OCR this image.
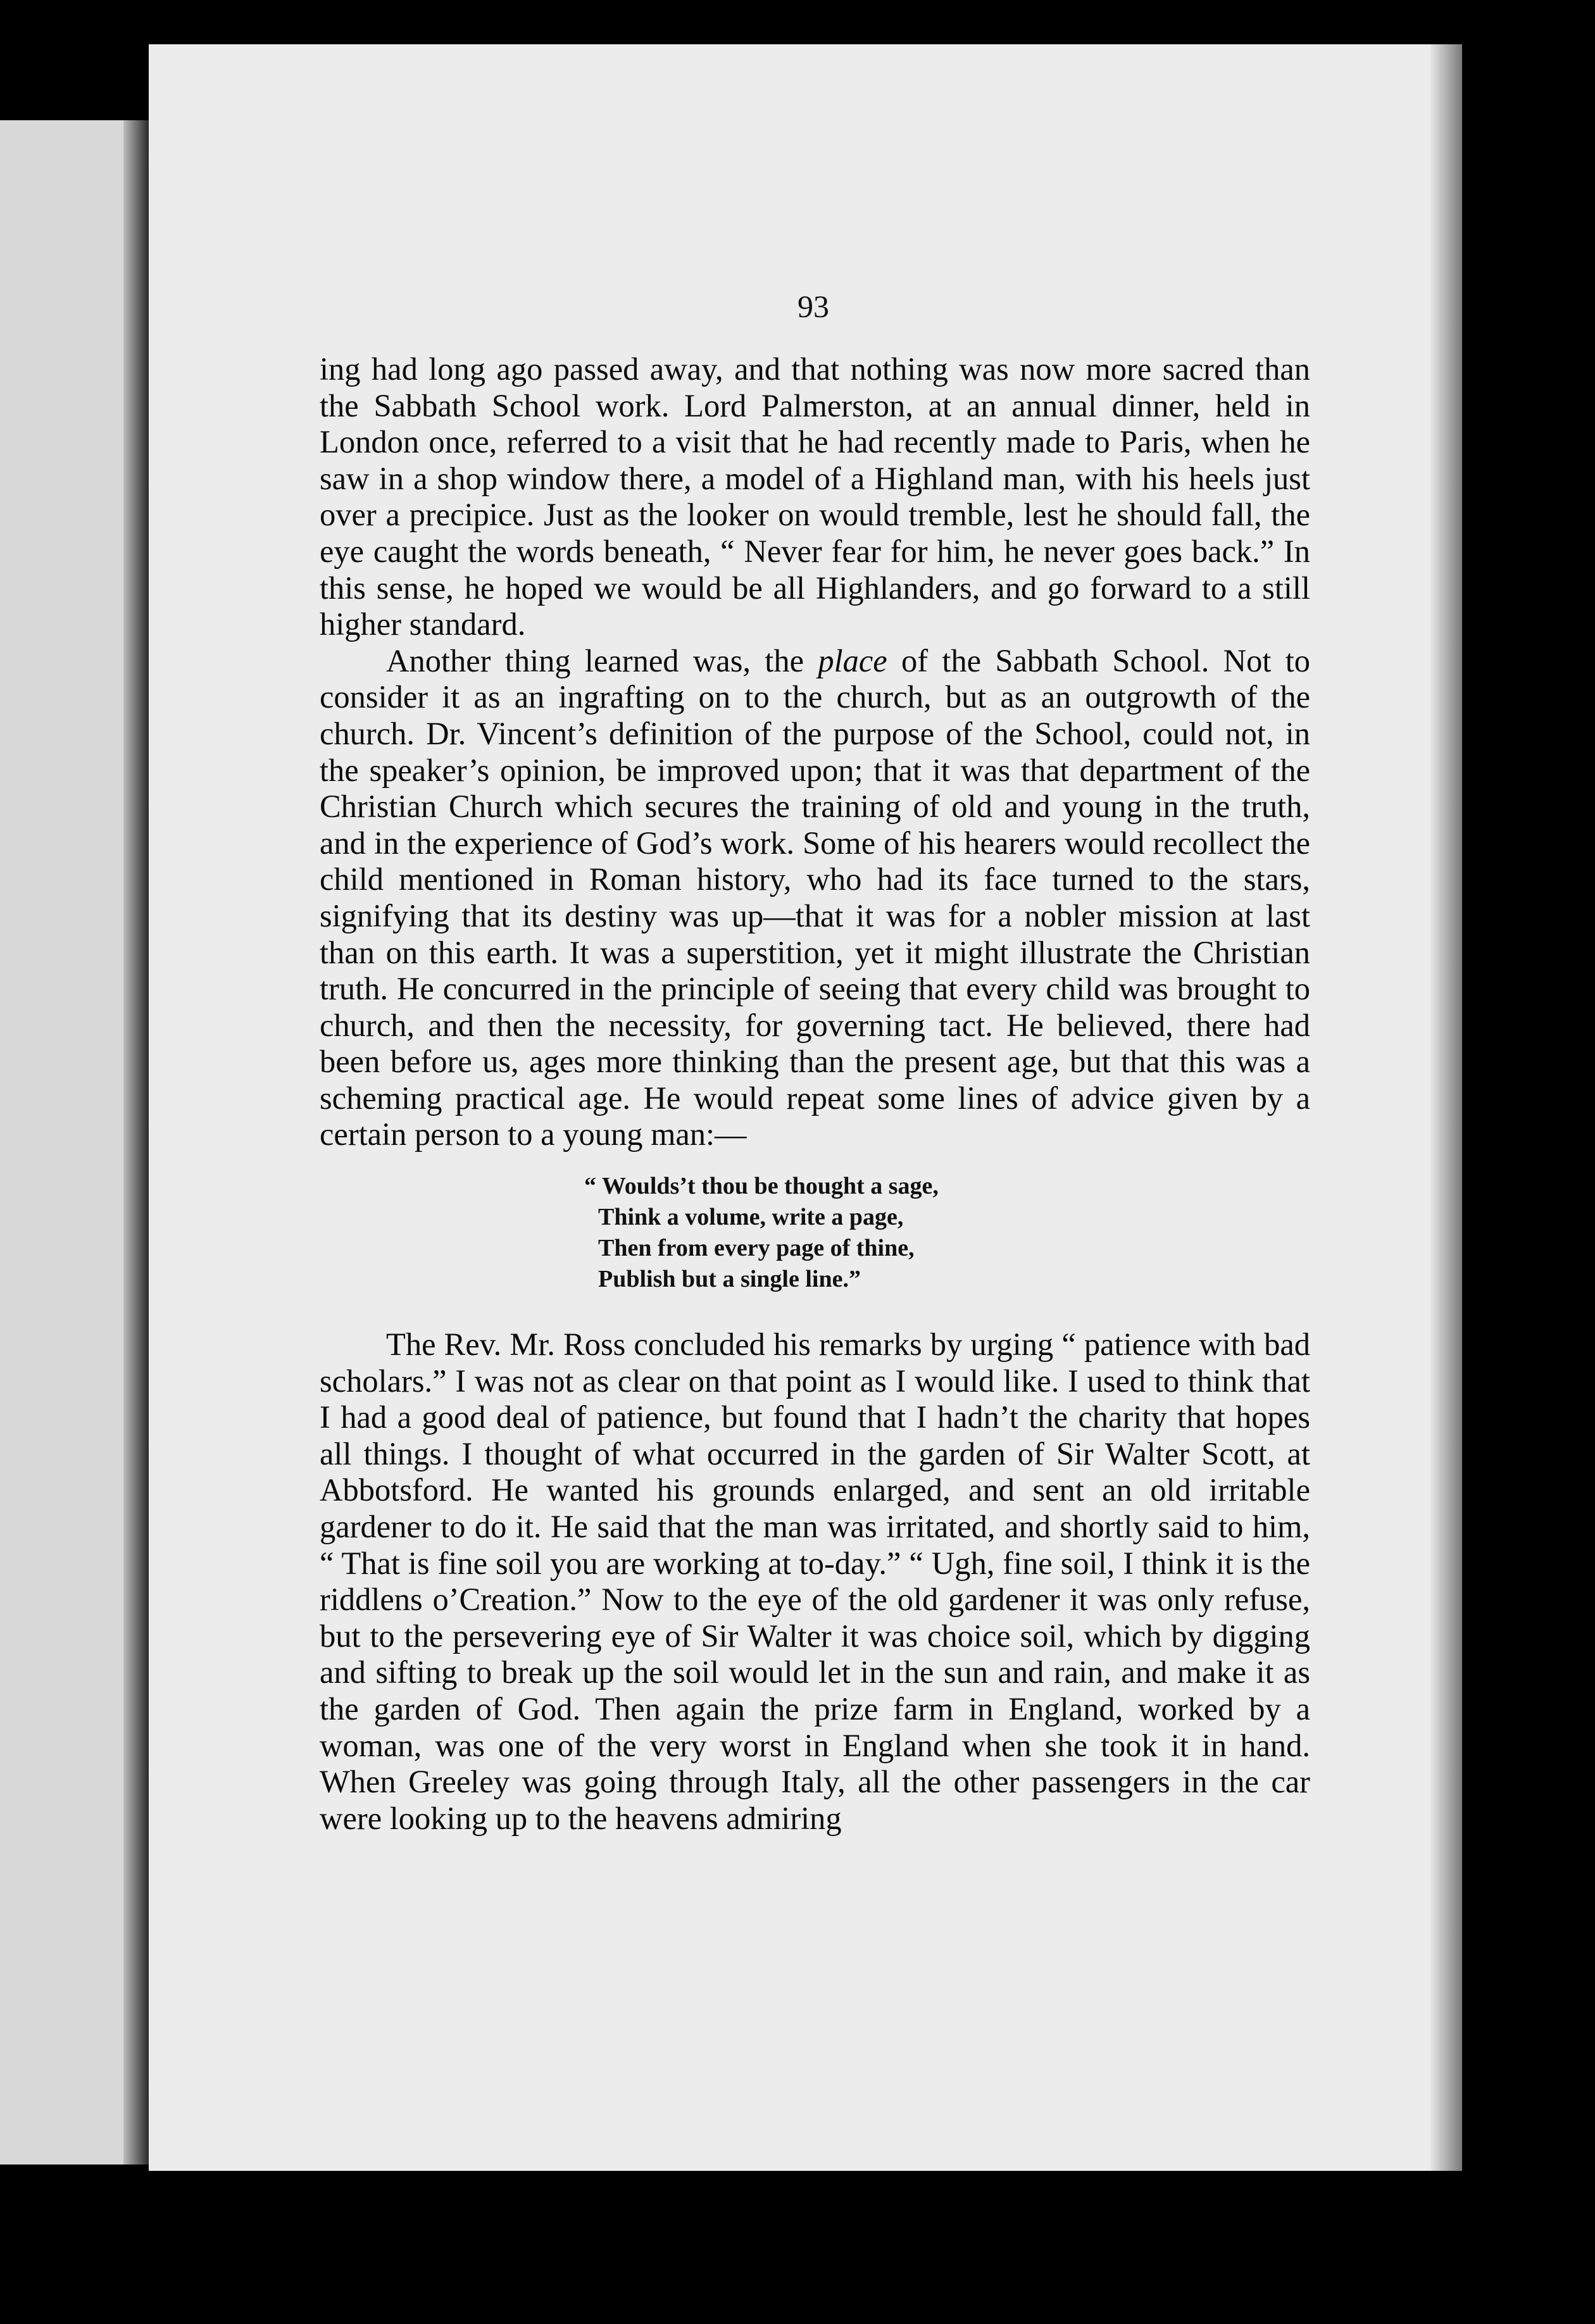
93

ing had long ago passed away, and that nothing was now more sacred than the Sabbath School work. Lord Palmerston, at an annual dinner, held in London once, referred to a visit that he had recently made to Paris, when he saw in a shop window there, a model of a Highland man, with his heels just over a precipice. Just as the looker on would tremble, lest he should fall, the eye caught the words beneath, “ Never fear for him, he never goes back.” In this sense, he hoped we would be all Highlanders, and go forward to a still higher standard.

Another thing learned was, the place of the Sabbath School. Not to consider it as an ingrafting on to the church, but as an outgrowth of the church. Dr. Vincent’s definition of the purpose of the School, could not, in the speaker’s opinion, be improved upon; that it was that department of the Christian Church which secures the training of old and young in the truth, and in the experience of God’s work. Some of his hearers would recollect the child mentioned in Roman history, who had its face turned to the stars, signifying that its destiny was up—that it was for a nobler mission at last than on this earth. It was a superstition, yet it might illustrate the Christian truth. He concurred in the principle of seeing that every child was brought to church, and then the necessity, for governing tact. He believed, there had been before us, ages more thinking than the present age, but that this was a scheming practical age. He would repeat some lines of advice given by a certain person to a young man:—

“ Woulds’t thou be thought a sage,
Think a volume, write a page,
Then from every page of thine,
Publish but a single line.”

The Rev. Mr. Ross concluded his remarks by urging “ patience with bad scholars.” I was not as clear on that point as I would like. I used to think that I had a good deal of patience, but found that I hadn’t the charity that hopes all things. I thought of what occurred in the garden of Sir Walter Scott, at Abbotsford. He wanted his grounds enlarged, and sent an old irritable gardener to do it. He said that the man was irritated, and shortly said to him, “ That is fine soil you are working at to-day.” “ Ugh, fine soil, I think it is the riddlens o’Creation.” Now to the eye of the old gardener it was only refuse, but to the persevering eye of Sir Walter it was choice soil, which by digging and sifting to break up the soil would let in the sun and rain, and make it as the garden of God. Then again the prize farm in England, worked by a woman, was one of the very worst in England when she took it in hand. When Greeley was going through Italy, all the other passengers in the car were looking up to the heavens admiring
